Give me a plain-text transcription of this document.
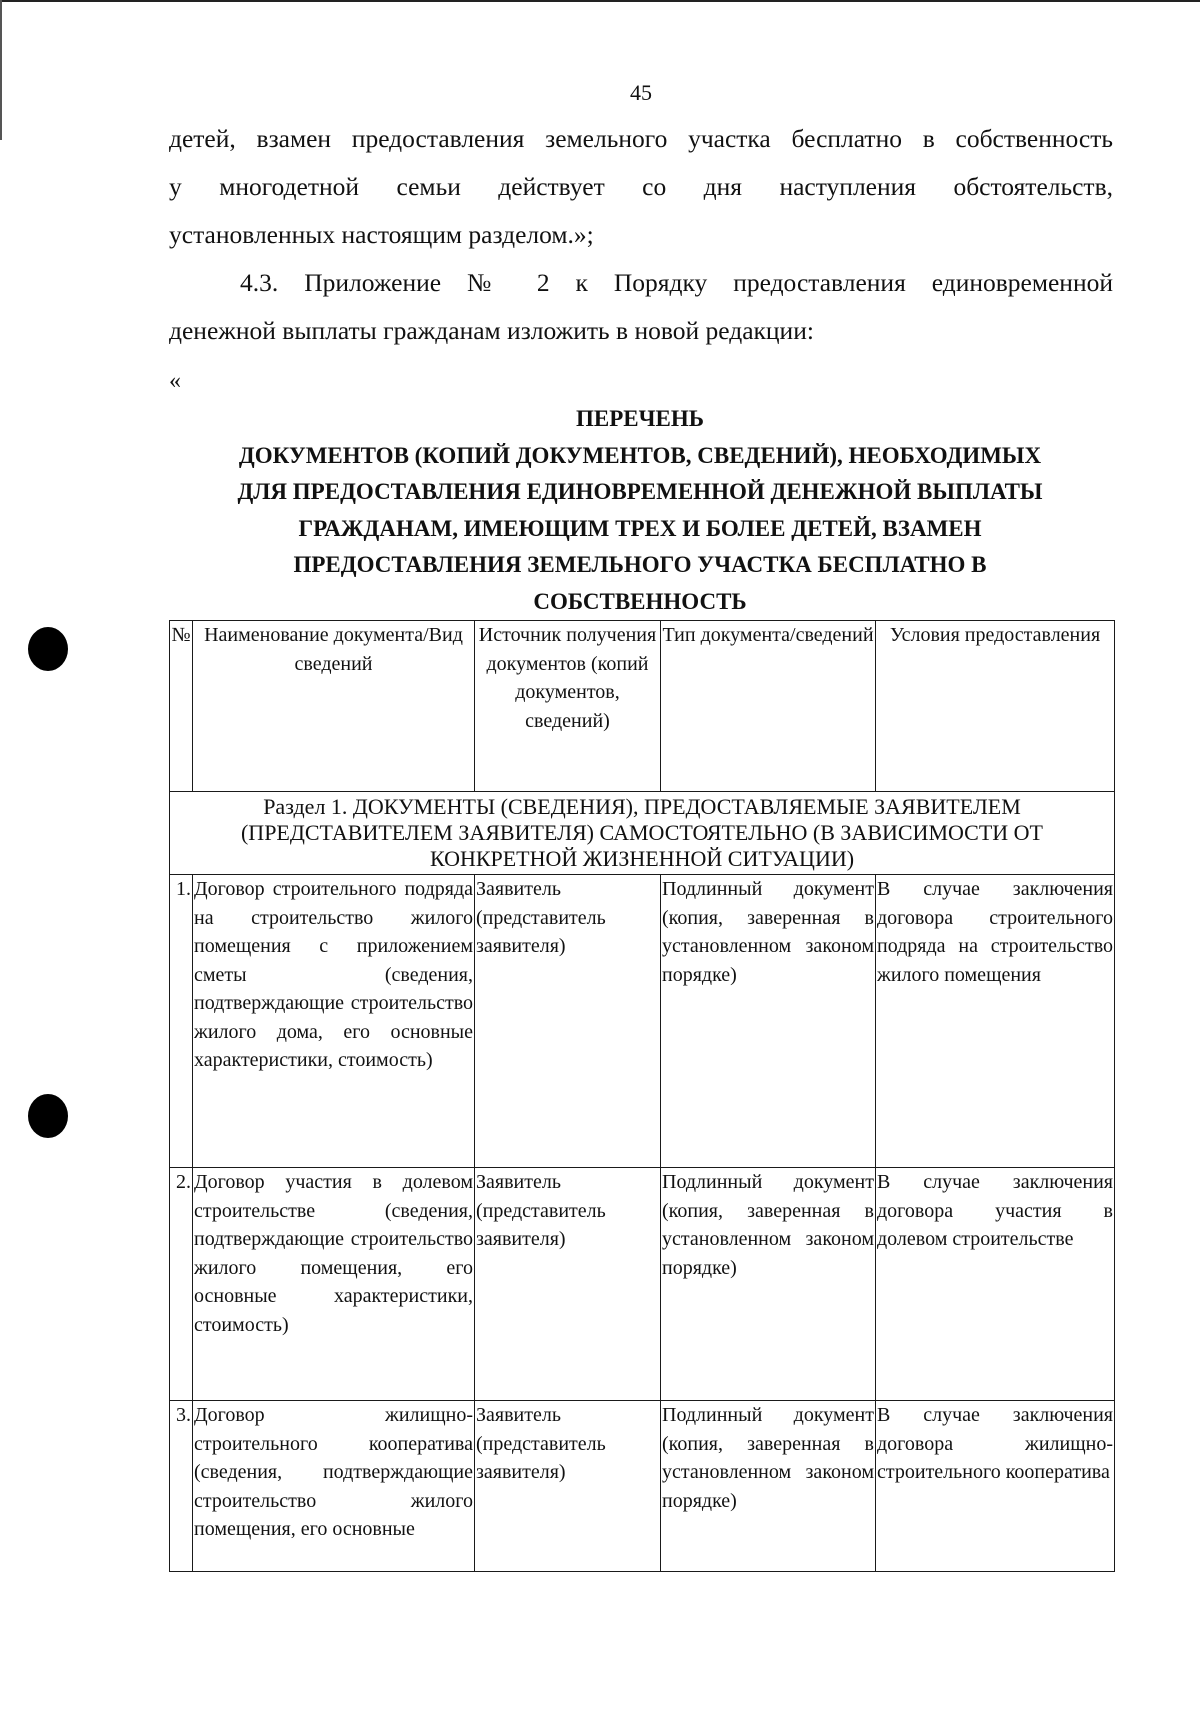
45
детей, взамен предоставления земельного участка бесплатно в собственность
у многодетной семьи действует со дня наступления обстоятельств,
установленных настоящим разделом.»;
4.3. Приложение № 2 к Порядку предоставления единовременной
денежной выплаты гражданам изложить в новой редакции:
«
ПЕРЕЧЕНЬ
ДОКУМЕНТОВ (КОПИЙ ДОКУМЕНТОВ, СВЕДЕНИЙ), НЕОБХОДИМЫХ
ДЛЯ ПРЕДОСТАВЛЕНИЯ ЕДИНОВРЕМЕННОЙ ДЕНЕЖНОЙ ВЫПЛАТЫ
ГРАЖДАНАМ, ИМЕЮЩИМ ТРЕХ И БОЛЕЕ ДЕТЕЙ, ВЗАМЕН
ПРЕДОСТАВЛЕНИЯ ЗЕМЕЛЬНОГО УЧАСТКА БЕСПЛАТНО В
СОБСТВЕННОСТЬ
№	Наименование документа/Вид сведений	Источник получения документов (копий документов, сведений)	Тип документа/сведений	Условия предоставления
Раздел 1. ДОКУМЕНТЫ (СВЕДЕНИЯ), ПРЕДОСТАВЛЯЕМЫЕ ЗАЯВИТЕЛЕМ (ПРЕДСТАВИТЕЛЕМ ЗАЯВИТЕЛЯ) САМОСТОЯТЕЛЬНО (В ЗАВИСИМОСТИ ОТ КОНКРЕТНОЙ ЖИЗНЕННОЙ СИТУАЦИИ)				
1.	Договор строительного подряда на строительство жилого помещения с приложением сметы (сведения, подтверждающие строительство жилого дома, его основные характеристики, стоимость)	Заявитель (представитель заявителя)	Подлинный документ (копия, заверенная в установленном законом порядке)	В случае заключения договора строительного подряда на строительство жилого помещения
2.	Договор участия в долевом строительстве (сведения, подтверждающие строительство жилого помещения, его основные характеристики, стоимость)	Заявитель (представитель заявителя)	Подлинный документ (копия, заверенная в установленном законом порядке)	В случае заключения договора участия в долевом строительстве
3.	Договор жилищно-строительного кооператива (сведения, подтверждающие строительство жилого помещения, его основные	Заявитель (представитель заявителя)	Подлинный документ (копия, заверенная в установленном законом порядке)	В случае заключения договора жилищно-строительного кооператива
